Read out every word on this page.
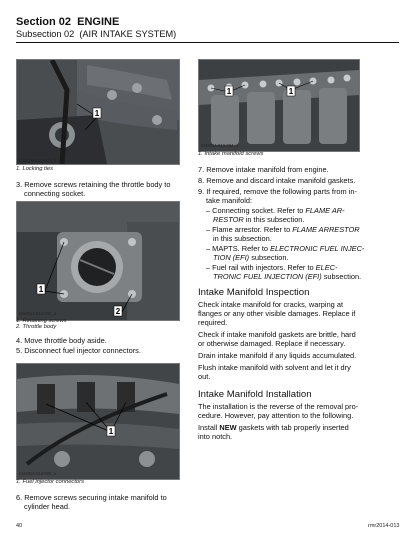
Section 02 ENGINE
Subsection 02 (AIR INTAKE SYSTEM)
1
rmr2014-013-001_a
1. Locking ties
3. Remove screws retaining the throttle body to
connecting socket.
1
2
rmr2014-013-002_a
1. Retaining screws
2. Throttle body
4. Move throttle body aside.
5. Disconnect fuel injector connectors.
1
rmr2014-013-003_a
1. Fuel injector connectors
6. Remove screws securing intake manifold to
cylinder head.
1	1
rmr2014-013-004_a
1. Intake manifold screws
7. Remove intake manifold from engine.
8. Remove and discard intake manifold gaskets.
9. If required, remove the following parts from in-
take manifold:
– Connecting socket. Refer to FLAME AR-
RESTOR in this subsection.
– Flame arrestor. Refer to FLAME ARRESTOR
in this subsection.
– MAPTS. Refer to ELECTRONIC FUEL INJEC-
TION (EFI) subsection.
– Fuel rail with injectors. Refer to ELEC-
TRONIC FUEL INJECTION (EFI) subsection.
Intake Manifold Inspection
Check intake manifold for cracks, warping at
flanges or any other visible damages. Replace if
required.
Check if intake manifold gaskets are brittle, hard
or otherwise damaged. Replace if necessary.
Drain intake manifold if any liquids accumulated.
Flush intake manifold with solvent and let it dry
out.
Intake Manifold Installation
The installation is the reverse of the removal pro-
cedure. However, pay attention to the following.
Install NEW gaskets with tab properly inserted
into notch.
40	rmr2014-013
